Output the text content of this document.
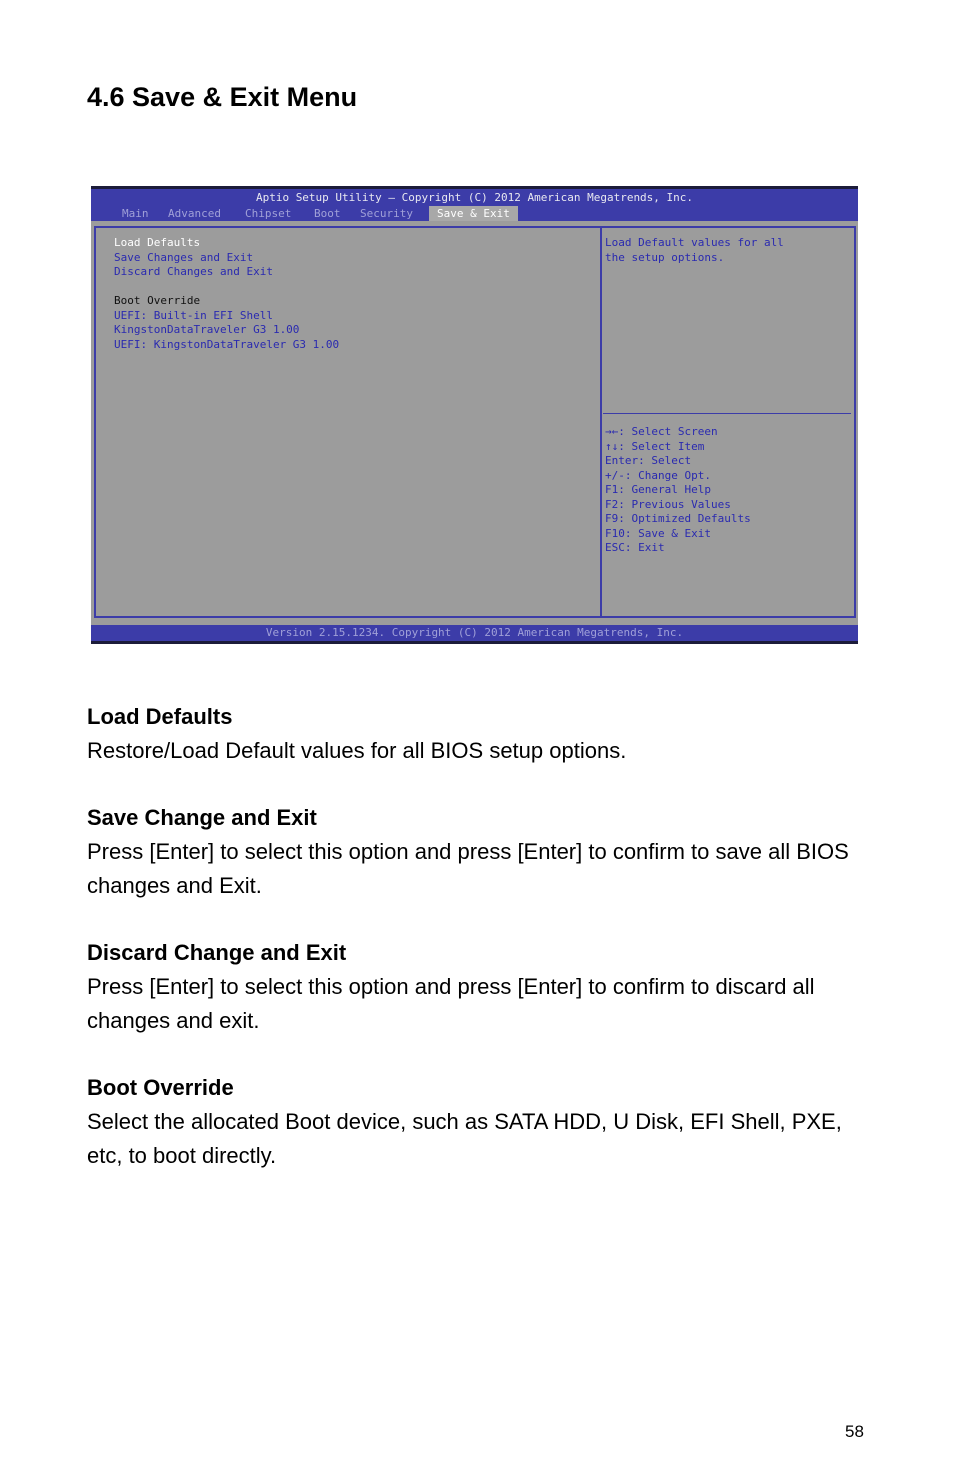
4.6 Save & Exit Menu
Aptio Setup Utility – Copyright (C) 2012 American Megatrends, Inc.
Main Advanced Chipset Boot Security	Save & Exit
Load Defaults
Save Changes and Exit
Discard Changes and Exit
Boot Override
UEFI: Built-in EFI Shell
KingstonDataTraveler G3 1.00
UEFI: KingstonDataTraveler G3 1.00
Load Default values for all
the setup options.
→←: Select Screen
↑↓: Select Item
Enter: Select
+/-: Change Opt.
F1: General Help
F2: Previous Values
F9: Optimized Defaults
F10: Save & Exit
ESC: Exit
Version 2.15.1234. Copyright (C) 2012 American Megatrends, Inc.
Load Defaults

Restore/Load Default values for all BIOS setup options.

Save Change and Exit

Press [Enter] to select this option and press [Enter] to confirm to save all BIOS changes and Exit.

Discard Change and Exit

Press [Enter] to select this option and press [Enter] to confirm to discard all changes and exit.

Boot Override

Select the allocated Boot device, such as SATA HDD, U Disk, EFI Shell, PXE, etc, to boot directly.

58
